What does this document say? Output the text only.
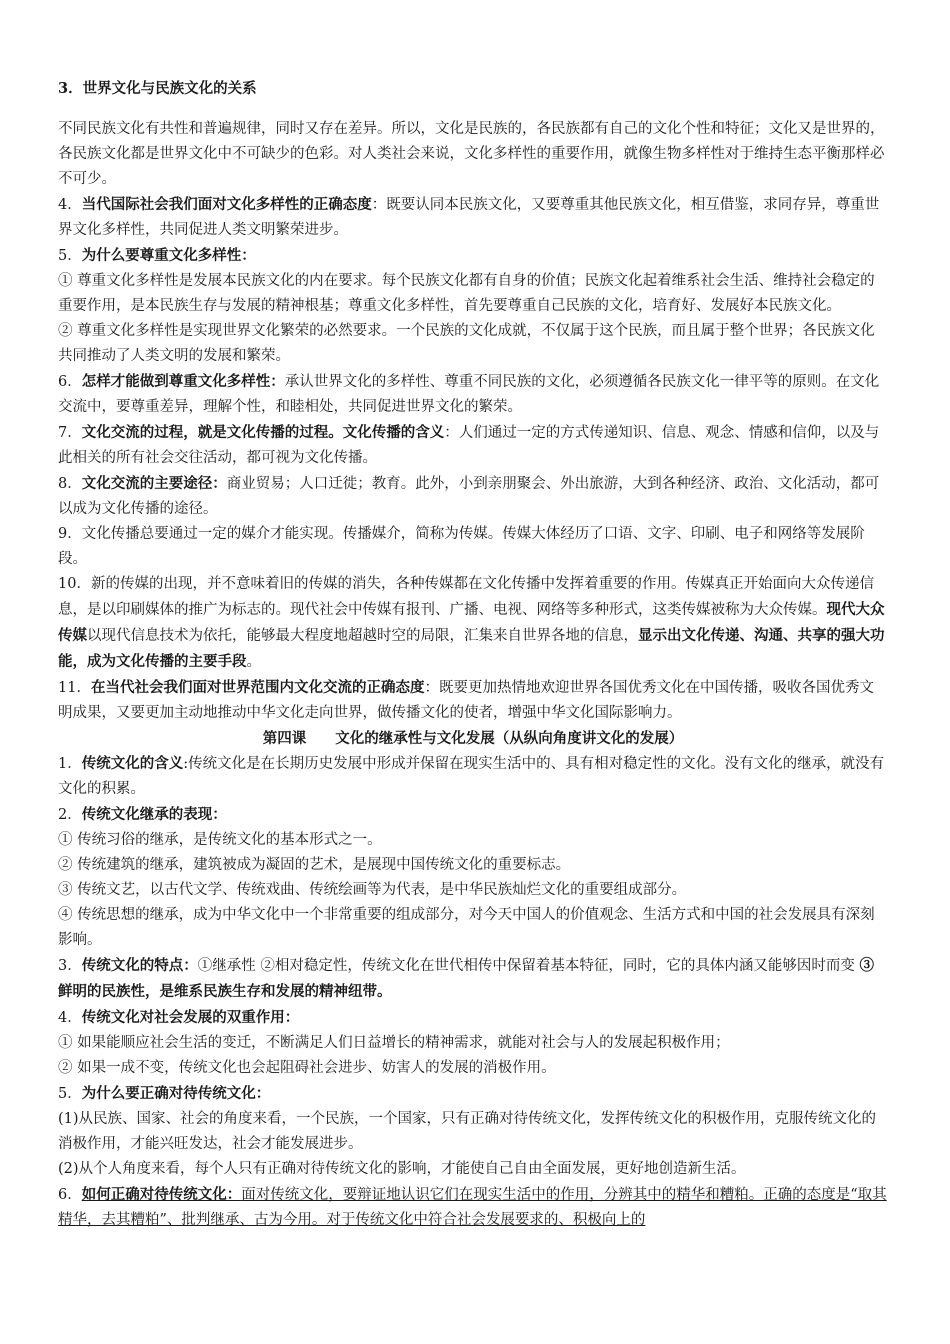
3．世界文化与民族文化的关系

不同民族文化有共性和普遍规律，同时又存在差异。所以，文化是民族的，各民族都有自己的文化个性和特征；文化又是世界的，各民族文化都是世界文化中不可缺少的色彩。对人类社会来说，文化多样性的重要作用，就像生物多样性对于维持生态平衡那样必不可少。

4．当代国际社会我们面对文化多样性的正确态度：既要认同本民族文化，又要尊重其他民族文化，相互借鉴，求同存异，尊重世界文化多样性，共同促进人类文明繁荣进步。

5．为什么要尊重文化多样性：

① 尊重文化多样性是发展本民族文化的内在要求。每个民族文化都有自身的价值；民族文化起着维系社会生活、维持社会稳定的重要作用，是本民族生存与发展的精神根基；尊重文化多样性，首先要尊重自己民族的文化，培育好、发展好本民族文化。

② 尊重文化多样性是实现世界文化繁荣的必然要求。一个民族的文化成就，不仅属于这个民族，而且属于整个世界；各民族文化共同推动了人类文明的发展和繁荣。

6．怎样才能做到尊重文化多样性：承认世界文化的多样性、尊重不同民族的文化，必须遵循各民族文化一律平等的原则。在文化交流中，要尊重差异，理解个性，和睦相处，共同促进世界文化的繁荣。

7．文化交流的过程，就是文化传播的过程。文化传播的含义：人们通过一定的方式传递知识、信息、观念、情感和信仰，以及与此相关的所有社会交往活动，都可视为文化传播。

8．文化交流的主要途径：商业贸易；人口迁徙；教育。此外，小到亲朋聚会、外出旅游，大到各种经济、政治、文化活动，都可以成为文化传播的途径。

9．文化传播总要通过一定的媒介才能实现。传播媒介，简称为传媒。传媒大体经历了口语、文字、印刷、电子和网络等发展阶段。

10．新的传媒的出现，并不意味着旧的传媒的消失，各种传媒都在文化传播中发挥着重要的作用。传媒真正开始面向大众传递信息，是以印刷媒体的推广为标志的。现代社会中传媒有报刊、广播、电视、网络等多种形式，这类传媒被称为大众传媒。现代大众传媒以现代信息技术为依托，能够最大程度地超越时空的局限，汇集来自世界各地的信息，显示出文化传递、沟通、共享的强大功能，成为文化传播的主要手段。

11．在当代社会我们面对世界范围内文化交流的正确态度：既要更加热情地欢迎世界各国优秀文化在中国传播，吸收各国优秀文明成果，又要更加主动地推动中华文化走向世界，做传播文化的使者，增强中华文化国际影响力。

第四课　　文化的继承性与文化发展（从纵向角度讲文化的发展）

1．传统文化的含义:传统文化是在长期历史发展中形成并保留在现实生活中的、具有相对稳定性的文化。没有文化的继承，就没有文化的积累。

2．传统文化继承的表现：

① 传统习俗的继承，是传统文化的基本形式之一。

② 传统建筑的继承，建筑被成为凝固的艺术，是展现中国传统文化的重要标志。

③ 传统文艺，以古代文学、传统戏曲、传统绘画等为代表，是中华民族灿烂文化的重要组成部分。

④ 传统思想的继承，成为中华文化中一个非常重要的组成部分，对今天中国人的价值观念、生活方式和中国的社会发展具有深刻影响。

3．传统文化的特点：①继承性 ②相对稳定性，传统文化在世代相传中保留着基本特征，同时，它的具体内涵又能够因时而变 ③鲜明的民族性，是维系民族生存和发展的精神纽带。

4．传统文化对社会发展的双重作用：

① 如果能顺应社会生活的变迁，不断满足人们日益增长的精神需求，就能对社会与人的发展起积极作用；

② 如果一成不变，传统文化也会起阻碍社会进步、妨害人的发展的消极作用。

5．为什么要正确对待传统文化：

(1)从民族、国家、社会的角度来看，一个民族，一个国家，只有正确对待传统文化，发挥传统文化的积极作用，克服传统文化的消极作用，才能兴旺发达，社会才能发展进步。

(2)从个人角度来看，每个人只有正确对待传统文化的影响，才能使自己自由全面发展，更好地创造新生活。

6．如何正确对待传统文化：面对传统文化，要辩证地认识它们在现实生活中的作用，分辨其中的精华和糟粕。正确的态度是“取其精华，去其糟粕”、批判继承、古为今用。对于传统文化中符合社会发展要求的、积极向上的
